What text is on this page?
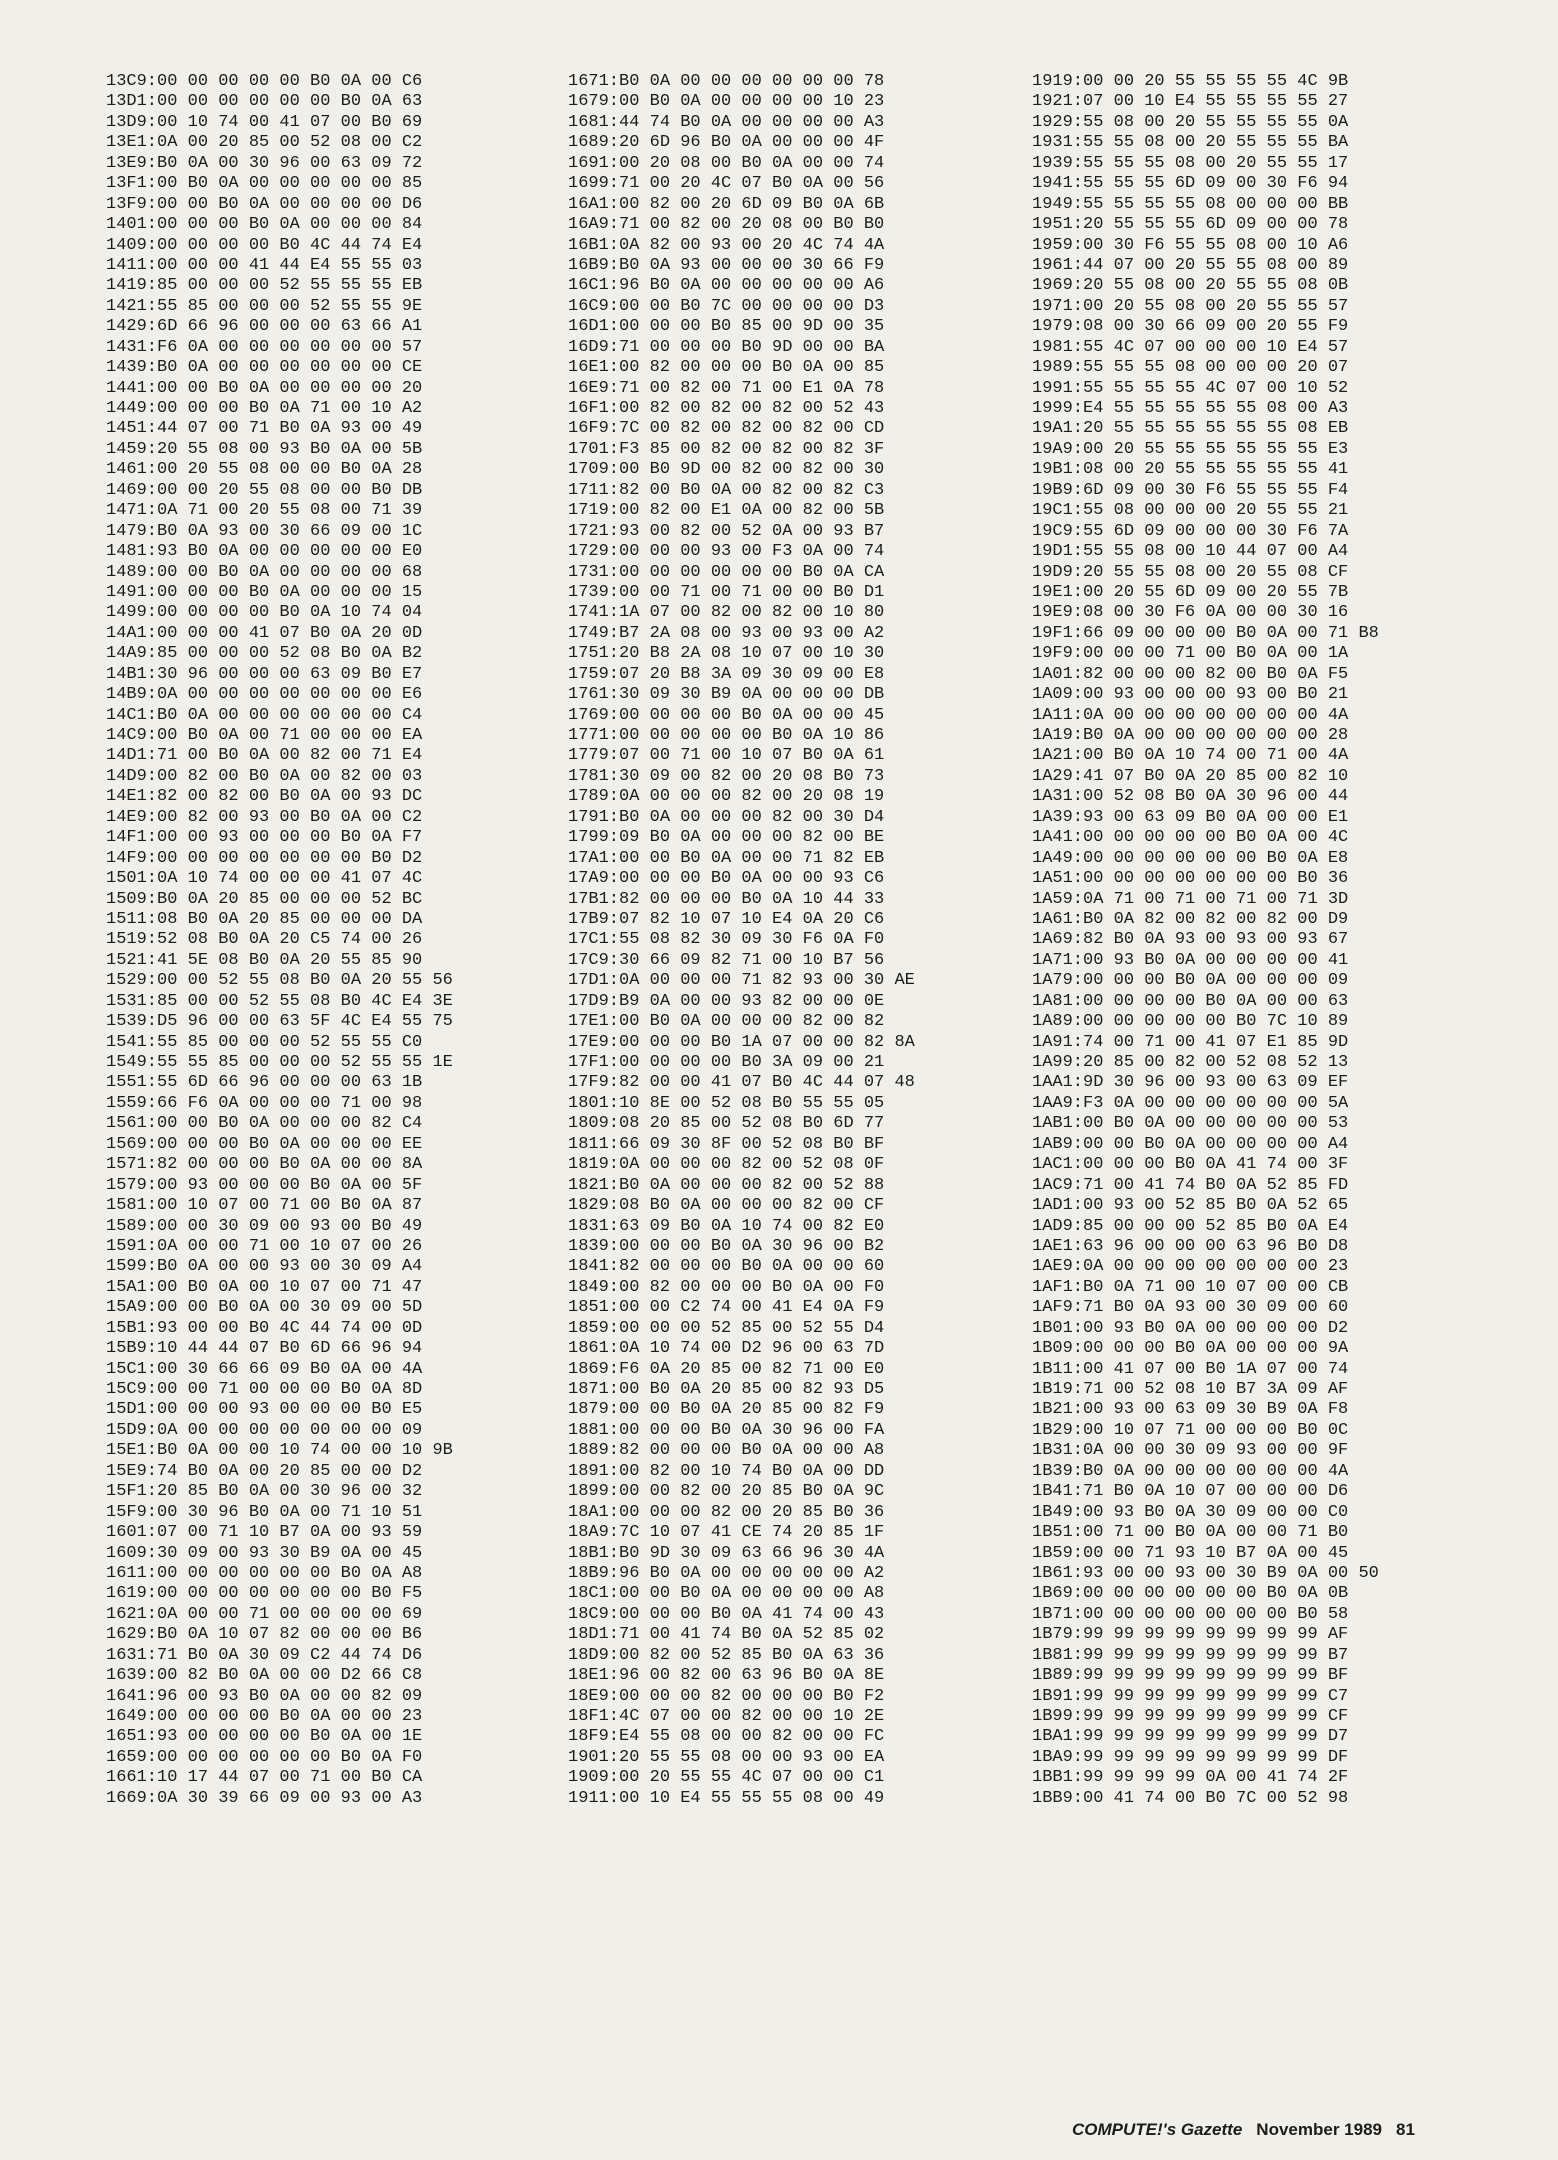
13C9:00 00 00 00 00 B0 0A 00 C6
13D1:00 00 00 00 00 00 B0 0A 63
13D9:00 10 74 00 41 07 00 B0 69
13E1:0A 00 20 85 00 52 08 00 C2
13E9:B0 0A 00 30 96 00 63 09 72
13F1:00 B0 0A 00 00 00 00 00 85
13F9:00 00 B0 0A 00 00 00 00 D6
1401:00 00 00 B0 0A 00 00 00 84
1409:00 00 00 00 B0 4C 44 74 E4
1411:00 00 00 41 44 E4 55 55 03
1419:85 00 00 00 52 55 55 55 EB
1421:55 85 00 00 00 52 55 55 9E
1429:6D 66 96 00 00 00 63 66 A1
1431:F6 0A 00 00 00 00 00 00 57
1439:B0 0A 00 00 00 00 00 00 CE
1441:00 00 B0 0A 00 00 00 00 20
1449:00 00 00 B0 0A 71 00 10 A2
1451:44 07 00 71 B0 0A 93 00 49
1459:20 55 08 00 93 B0 0A 00 5B
1461:00 20 55 08 00 00 B0 0A 28
1469:00 00 20 55 08 00 00 B0 DB
1471:0A 71 00 20 55 08 00 71 39
1479:B0 0A 93 00 30 66 09 00 1C
1481:93 B0 0A 00 00 00 00 00 E0
1489:00 00 B0 0A 00 00 00 00 68
1491:00 00 00 B0 0A 00 00 00 15
1499:00 00 00 00 B0 0A 10 74 04
14A1:00 00 00 41 07 B0 0A 20 0D
14A9:85 00 00 00 52 08 B0 0A B2
14B1:30 96 00 00 00 63 09 B0 E7
14B9:0A 00 00 00 00 00 00 00 E6
14C1:B0 0A 00 00 00 00 00 00 C4
14C9:00 B0 0A 00 71 00 00 00 EA
14D1:71 00 B0 0A 00 82 00 71 E4
14D9:00 82 00 B0 0A 00 82 00 03
14E1:82 00 82 00 B0 0A 00 93 DC
14E9:00 82 00 93 00 B0 0A 00 C2
14F1:00 00 93 00 00 00 B0 0A F7
14F9:00 00 00 00 00 00 00 B0 D2
1501:0A 10 74 00 00 00 41 07 4C
1509:B0 0A 20 85 00 00 00 52 BC
1511:08 B0 0A 20 85 00 00 00 DA
1519:52 08 B0 0A 20 C5 74 00 26
1521:41 5E 08 B0 0A 20 55 85 90
1529:00 00 52 55 08 B0 0A 20 55 56
1531:85 00 00 52 55 08 B0 4C E4 3E
1539:D5 96 00 00 63 5F 4C E4 55 75
1541:55 85 00 00 00 52 55 55 C0
1549:55 55 85 00 00 00 52 55 55 1E
1551:55 6D 66 96 00 00 00 63 1B
1559:66 F6 0A 00 00 00 71 00 98
1561:00 00 B0 0A 00 00 00 82 C4
1569:00 00 00 B0 0A 00 00 00 EE
1571:82 00 00 00 B0 0A 00 00 8A
1579:00 93 00 00 00 B0 0A 00 5F
1581:00 10 07 00 71 00 B0 0A 87
1589:00 00 30 09 00 93 00 B0 49
1591:0A 00 00 71 00 10 07 00 26
1599:B0 0A 00 00 93 00 30 09 A4
15A1:00 B0 0A 00 10 07 00 71 47
15A9:00 00 B0 0A 00 30 09 00 5D
15B1:93 00 00 B0 4C 44 74 00 0D
15B9:10 44 44 07 B0 6D 66 96 94
15C1:00 30 66 66 09 B0 0A 00 4A
15C9:00 00 71 00 00 00 B0 0A 8D
15D1:00 00 00 93 00 00 00 B0 E5
15D9:0A 00 00 00 00 00 00 00 09
15E1:B0 0A 00 00 10 74 00 00 10 9B
15E9:74 B0 0A 00 20 85 00 00 D2
15F1:20 85 B0 0A 00 30 96 00 32
15F9:00 30 96 B0 0A 00 71 10 51
1601:07 00 71 10 B7 0A 00 93 59
1609:30 09 00 93 30 B9 0A 00 45
1611:00 00 00 00 00 00 B0 0A A8
1619:00 00 00 00 00 00 00 B0 F5
1621:0A 00 00 71 00 00 00 00 69
1629:B0 0A 10 07 82 00 00 00 B6
1631:71 B0 0A 30 09 C2 44 74 D6
1639:00 82 B0 0A 00 00 D2 66 C8
1641:96 00 93 B0 0A 00 00 82 09
1649:00 00 00 00 B0 0A 00 00 23
1651:93 00 00 00 00 B0 0A 00 1E
1659:00 00 00 00 00 00 B0 0A F0
1661:10 17 44 07 00 71 00 B0 CA
1669:0A 30 39 66 09 00 93 00 A3
1671:B0 0A 00 00 00 00 00 00 78
1679:00 B0 0A 00 00 00 00 10 23
1681:44 74 B0 0A 00 00 00 00 A3
1689:20 6D 96 B0 0A 00 00 00 4F
1691:00 20 08 00 B0 0A 00 00 74
1699:71 00 20 4C 07 B0 0A 00 56
16A1:00 82 00 20 6D 09 B0 0A 6B
16A9:71 00 82 00 20 08 00 B0 B0
16B1:0A 82 00 93 00 20 4C 74 4A
16B9:B0 0A 93 00 00 00 30 66 F9
16C1:96 B0 0A 00 00 00 00 00 A6
16C9:00 00 B0 7C 00 00 00 00 D3
16D1:00 00 00 B0 85 00 9D 00 35
16D9:71 00 00 00 B0 9D 00 00 BA
16E1:00 82 00 00 00 B0 0A 00 85
16E9:71 00 82 00 71 00 E1 0A 78
16F1:00 82 00 82 00 82 00 52 43
16F9:7C 00 82 00 82 00 82 00 CD
1701:F3 85 00 82 00 82 00 82 3F
1709:00 B0 9D 00 82 00 82 00 30
1711:82 00 B0 0A 00 82 00 82 C3
1719:00 82 00 E1 0A 00 82 00 5B
1721:93 00 82 00 52 0A 00 93 B7
1729:00 00 00 93 00 F3 0A 00 74
1731:00 00 00 00 00 00 B0 0A CA
1739:00 00 71 00 71 00 00 B0 D1
1741:1A 07 00 82 00 82 00 10 80
1749:B7 2A 08 00 93 00 93 00 A2
1751:20 B8 2A 08 10 07 00 10 30
1759:07 20 B8 3A 09 30 09 00 E8
1761:30 09 30 B9 0A 00 00 00 DB
1769:00 00 00 00 B0 0A 00 00 45
1771:00 00 00 00 00 B0 0A 10 86
1779:07 00 71 00 10 07 B0 0A 61
1781:30 09 00 82 00 20 08 B0 73
1789:0A 00 00 00 82 00 20 08 19
1791:B0 0A 00 00 00 82 00 30 D4
1799:09 B0 0A 00 00 00 82 00 BE
17A1:00 00 B0 0A 00 00 71 82 EB
17A9:00 00 00 B0 0A 00 00 93 C6
17B1:82 00 00 00 B0 0A 10 44 33
17B9:07 82 10 07 10 E4 0A 20 C6
17C1:55 08 82 30 09 30 F6 0A F0
17C9:30 66 09 82 71 00 10 B7 56
17D1:0A 00 00 00 71 82 93 00 30 AE
17D9:B9 0A 00 00 93 82 00 00 0E
17E1:00 B0 0A 00 00 00 82 00 82
17E9:00 00 00 B0 1A 07 00 00 82 8A
17F1:00 00 00 00 B0 3A 09 00 21
17F9:82 00 00 41 07 B0 4C 44 07 48
1801:10 8E 00 52 08 B0 55 55 05
1809:08 20 85 00 52 08 B0 6D 77
1811:66 09 30 8F 00 52 08 B0 BF
1819:0A 00 00 00 82 00 52 08 0F
1821:B0 0A 00 00 00 82 00 52 88
1829:08 B0 0A 00 00 00 82 00 CF
1831:63 09 B0 0A 10 74 00 82 E0
1839:00 00 00 B0 0A 30 96 00 B2
1841:82 00 00 00 B0 0A 00 00 60
1849:00 82 00 00 00 B0 0A 00 F0
1851:00 00 C2 74 00 41 E4 0A F9
1859:00 00 00 52 85 00 52 55 D4
1861:0A 10 74 00 D2 96 00 63 7D
1869:F6 0A 20 85 00 82 71 00 E0
1871:00 B0 0A 20 85 00 82 93 D5
1879:00 00 B0 0A 20 85 00 82 F9
1881:00 00 00 B0 0A 30 96 00 FA
1889:82 00 00 00 B0 0A 00 00 A8
1891:00 82 00 10 74 B0 0A 00 DD
1899:00 00 82 00 20 85 B0 0A 9C
18A1:00 00 00 82 00 20 85 B0 36
18A9:7C 10 07 41 CE 74 20 85 1F
18B1:B0 9D 30 09 63 66 96 30 4A
18B9:96 B0 0A 00 00 00 00 00 A2
18C1:00 00 B0 0A 00 00 00 00 A8
18C9:00 00 00 B0 0A 41 74 00 43
18D1:71 00 41 74 B0 0A 52 85 02
18D9:00 82 00 52 85 B0 0A 63 36
18E1:96 00 82 00 63 96 B0 0A 8E
18E9:00 00 00 82 00 00 00 B0 F2
18F1:4C 07 00 00 82 00 00 10 2E
18F9:E4 55 08 00 00 82 00 00 FC
1901:20 55 55 08 00 00 93 00 EA
1909:00 20 55 55 4C 07 00 00 C1
1911:00 10 E4 55 55 55 08 00 49
1919:00 00 20 55 55 55 55 4C 9B
1921:07 00 10 E4 55 55 55 55 27
1929:55 08 00 20 55 55 55 55 0A
1931:55 55 08 00 20 55 55 55 BA
1939:55 55 55 08 00 20 55 55 17
1941:55 55 55 6D 09 00 30 F6 94
1949:55 55 55 55 08 00 00 00 BB
1951:20 55 55 55 6D 09 00 00 78
1959:00 30 F6 55 55 08 00 10 A6
1961:44 07 00 20 55 55 08 00 89
1969:20 55 08 00 20 55 55 08 0B
1971:00 20 55 08 00 20 55 55 57
1979:08 00 30 66 09 00 20 55 F9
1981:55 4C 07 00 00 00 10 E4 57
1989:55 55 55 08 00 00 00 20 07
1991:55 55 55 55 4C 07 00 10 52
1999:E4 55 55 55 55 55 08 00 A3
19A1:20 55 55 55 55 55 55 08 EB
19A9:00 20 55 55 55 55 55 55 E3
19B1:08 00 20 55 55 55 55 55 41
19B9:6D 09 00 30 F6 55 55 55 F4
19C1:55 08 00 00 00 20 55 55 21
19C9:55 6D 09 00 00 00 30 F6 7A
19D1:55 55 08 00 10 44 07 00 A4
19D9:20 55 55 08 00 20 55 08 CF
19E1:00 20 55 6D 09 00 20 55 7B
19E9:08 00 30 F6 0A 00 00 30 16
19F1:66 09 00 00 00 B0 0A 00 71 B8
19F9:00 00 00 71 00 B0 0A 00 1A
1A01:82 00 00 00 82 00 B0 0A F5
1A09:00 93 00 00 00 93 00 B0 21
1A11:0A 00 00 00 00 00 00 00 4A
1A19:B0 0A 00 00 00 00 00 00 28
1A21:00 B0 0A 10 74 00 71 00 4A
1A29:41 07 B0 0A 20 85 00 82 10
1A31:00 52 08 B0 0A 30 96 00 44
1A39:93 00 63 09 B0 0A 00 00 E1
1A41:00 00 00 00 00 B0 0A 00 4C
1A49:00 00 00 00 00 00 B0 0A E8
1A51:00 00 00 00 00 00 00 B0 36
1A59:0A 71 00 71 00 71 00 71 3D
1A61:B0 0A 82 00 82 00 82 00 D9
1A69:82 B0 0A 93 00 93 00 93 67
1A71:00 93 B0 0A 00 00 00 00 41
1A79:00 00 00 B0 0A 00 00 00 09
1A81:00 00 00 00 B0 0A 00 00 63
1A89:00 00 00 00 00 B0 7C 10 89
1A91:74 00 71 00 41 07 E1 85 9D
1A99:20 85 00 82 00 52 08 52 13
1AA1:9D 30 96 00 93 00 63 09 EF
1AA9:F3 0A 00 00 00 00 00 00 5A
1AB1:00 B0 0A 00 00 00 00 00 53
1AB9:00 00 B0 0A 00 00 00 00 A4
1AC1:00 00 00 B0 0A 41 74 00 3F
1AC9:71 00 41 74 B0 0A 52 85 FD
1AD1:00 93 00 52 85 B0 0A 52 65
1AD9:85 00 00 00 52 85 B0 0A E4
1AE1:63 96 00 00 00 63 96 B0 D8
1AE9:0A 00 00 00 00 00 00 00 23
1AF1:B0 0A 71 00 10 07 00 00 CB
1AF9:71 B0 0A 93 00 30 09 00 60
1B01:00 93 B0 0A 00 00 00 00 D2
1B09:00 00 00 B0 0A 00 00 00 9A
1B11:00 41 07 00 B0 1A 07 00 74
1B19:71 00 52 08 10 B7 3A 09 AF
1B21:00 93 00 63 09 30 B9 0A F8
1B29:00 10 07 71 00 00 00 B0 0C
1B31:0A 00 00 30 09 93 00 00 9F
1B39:B0 0A 00 00 00 00 00 00 4A
1B41:71 B0 0A 10 07 00 00 00 D6
1B49:00 93 B0 0A 30 09 00 00 C0
1B51:00 71 00 B0 0A 00 00 71 B0
1B59:00 00 71 93 10 B7 0A 00 45
1B61:93 00 00 93 00 30 B9 0A 00 50
1B69:00 00 00 00 00 00 B0 0A 0B
1B71:00 00 00 00 00 00 00 B0 58
1B79:99 99 99 99 99 99 99 99 AF
1B81:99 99 99 99 99 99 99 99 B7
1B89:99 99 99 99 99 99 99 99 BF
1B91:99 99 99 99 99 99 99 99 C7
1B99:99 99 99 99 99 99 99 99 CF
1BA1:99 99 99 99 99 99 99 99 D7
1BA9:99 99 99 99 99 99 99 99 DF
1BB1:99 99 99 99 0A 00 41 74 2F
1BB9:00 41 74 00 B0 7C 00 52 98
COMPUTE!'s Gazette November 1989 81
